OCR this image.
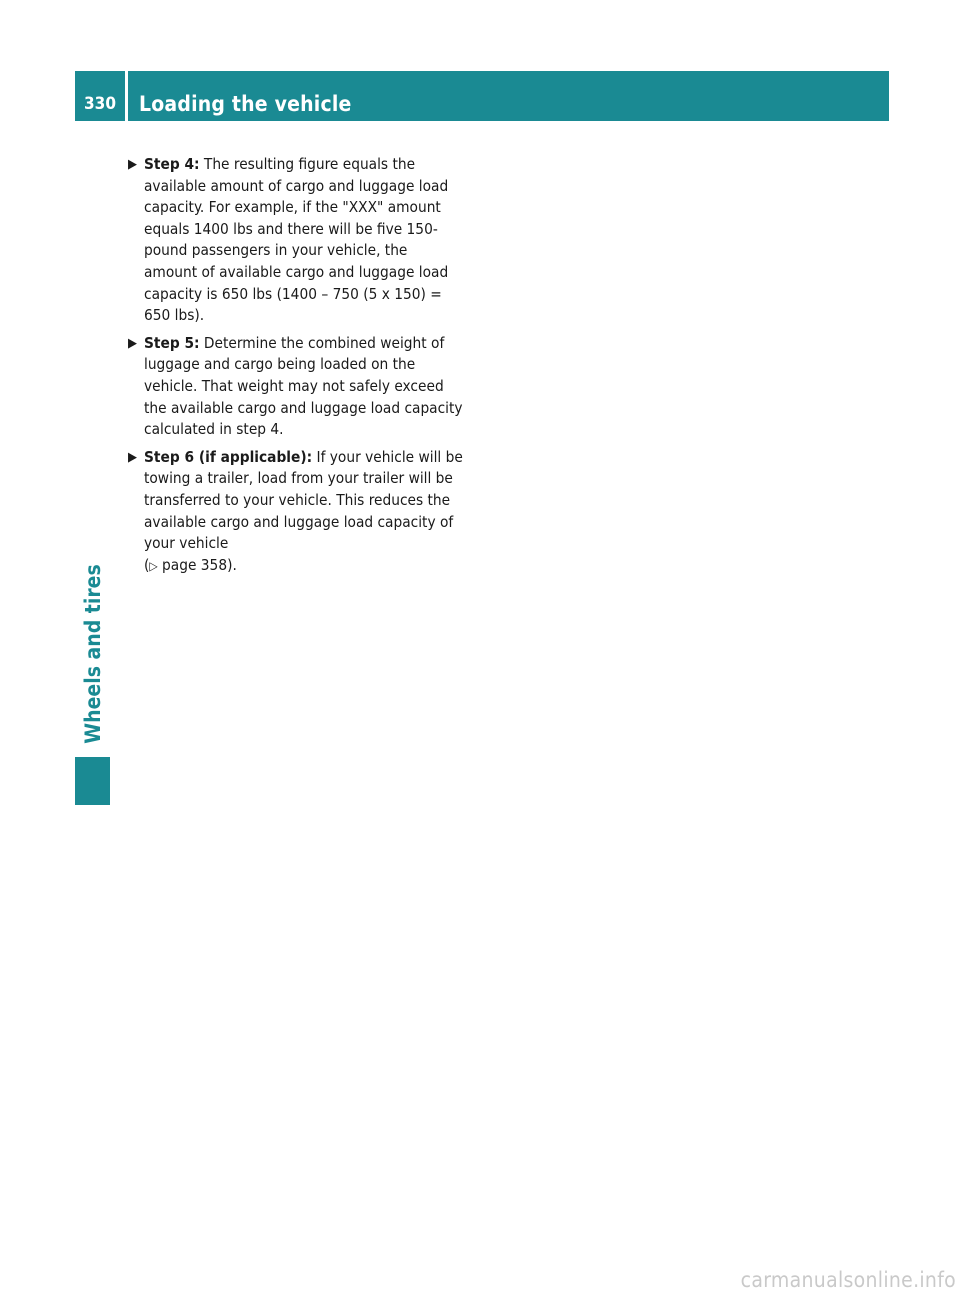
330	Loading the vehicle
Wheels and tires
▶ Step 4: The resulting figure equals the available amount of cargo and luggage load capacity. For example, if the "XXX" amount equals 1400 lbs and there will be five 150-pound passengers in your vehicle, the amount of available cargo and luggage load capacity is 650 lbs (1400 – 750 (5 x 150) = 650 lbs).
▶ Step 5: Determine the combined weight of luggage and cargo being loaded on the vehicle. That weight may not safely exceed the available cargo and luggage load capacity calculated in step 4.
▶ Step 6 (if applicable): If your vehicle will be towing a trailer, load from your trailer will be transferred to your vehicle. This reduces the available cargo and luggage load capacity of your vehicle
(▷ page 358).
carmanualsonline.info
